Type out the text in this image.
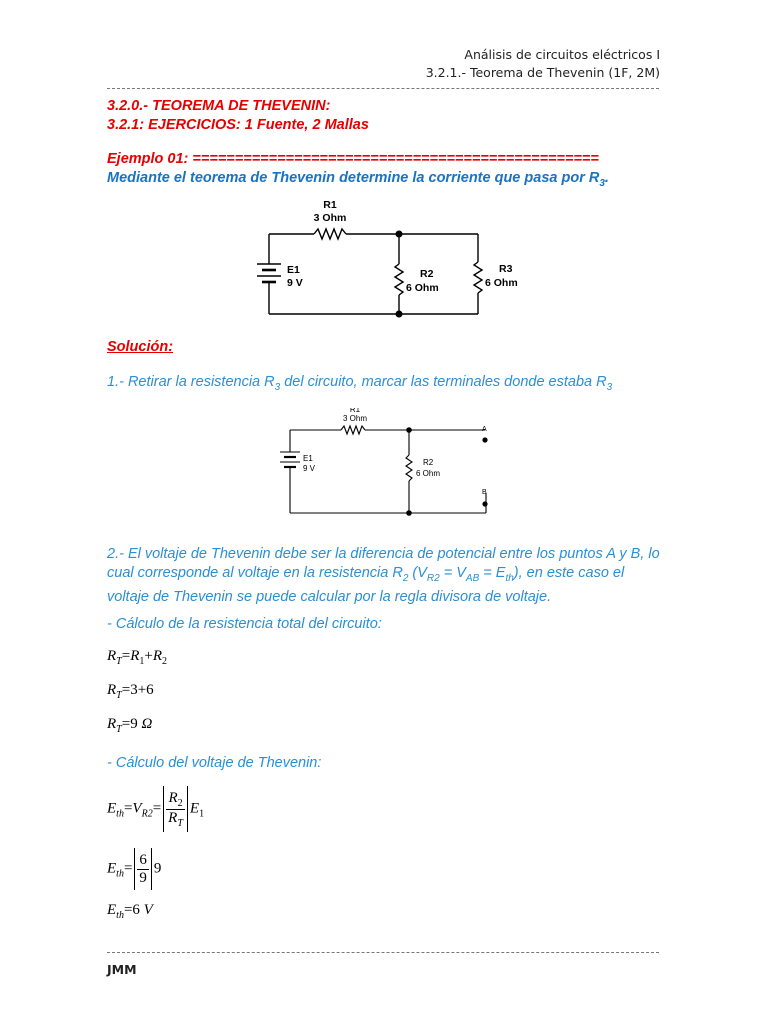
Análisis de circuitos eléctricos I
3.2.1.- Teorema de Thevenin (1F, 2M)
3.2.0.- TEOREMA DE THEVENIN:
3.2.1: EJERCICIOS: 1 Fuente, 2 Mallas
Ejemplo 01: ================================================
Mediante el teorema de Thevenin determine la corriente que pasa por $R_3$.
R1
3 Ohm
E1
9 V
R2
6 Ohm
R3
6 Ohm
Solución:
1.- Retirar la resistencia $R_3$ del circuito, marcar las terminales donde estaba $R_3$
R1
3 Ohm
E1
9 V
R2
6 Ohm
A
B
2.- El voltaje de Thevenin debe ser la diferencia de potencial entre los puntos A y B, lo cual corresponde al voltaje en la resistencia $R_2$ $(V_{R2} = V_{AB} = E_{th})$, en este caso el voltaje de Thevenin se puede calcular por la regla divisora de voltaje.
- Cálculo de la resistencia total del circuito:
$R_T=R_1+R_2$
$R_T=3+6$
$R_T=9$ Ω
- Cálculo del voltaje de Thevenin:
$E_{th}=V_{R2}= \frac{R_2}{R_T} E_1$
$E_{th}= \frac{6}{9} 9$
$E_{th}=6$ V
JMM
